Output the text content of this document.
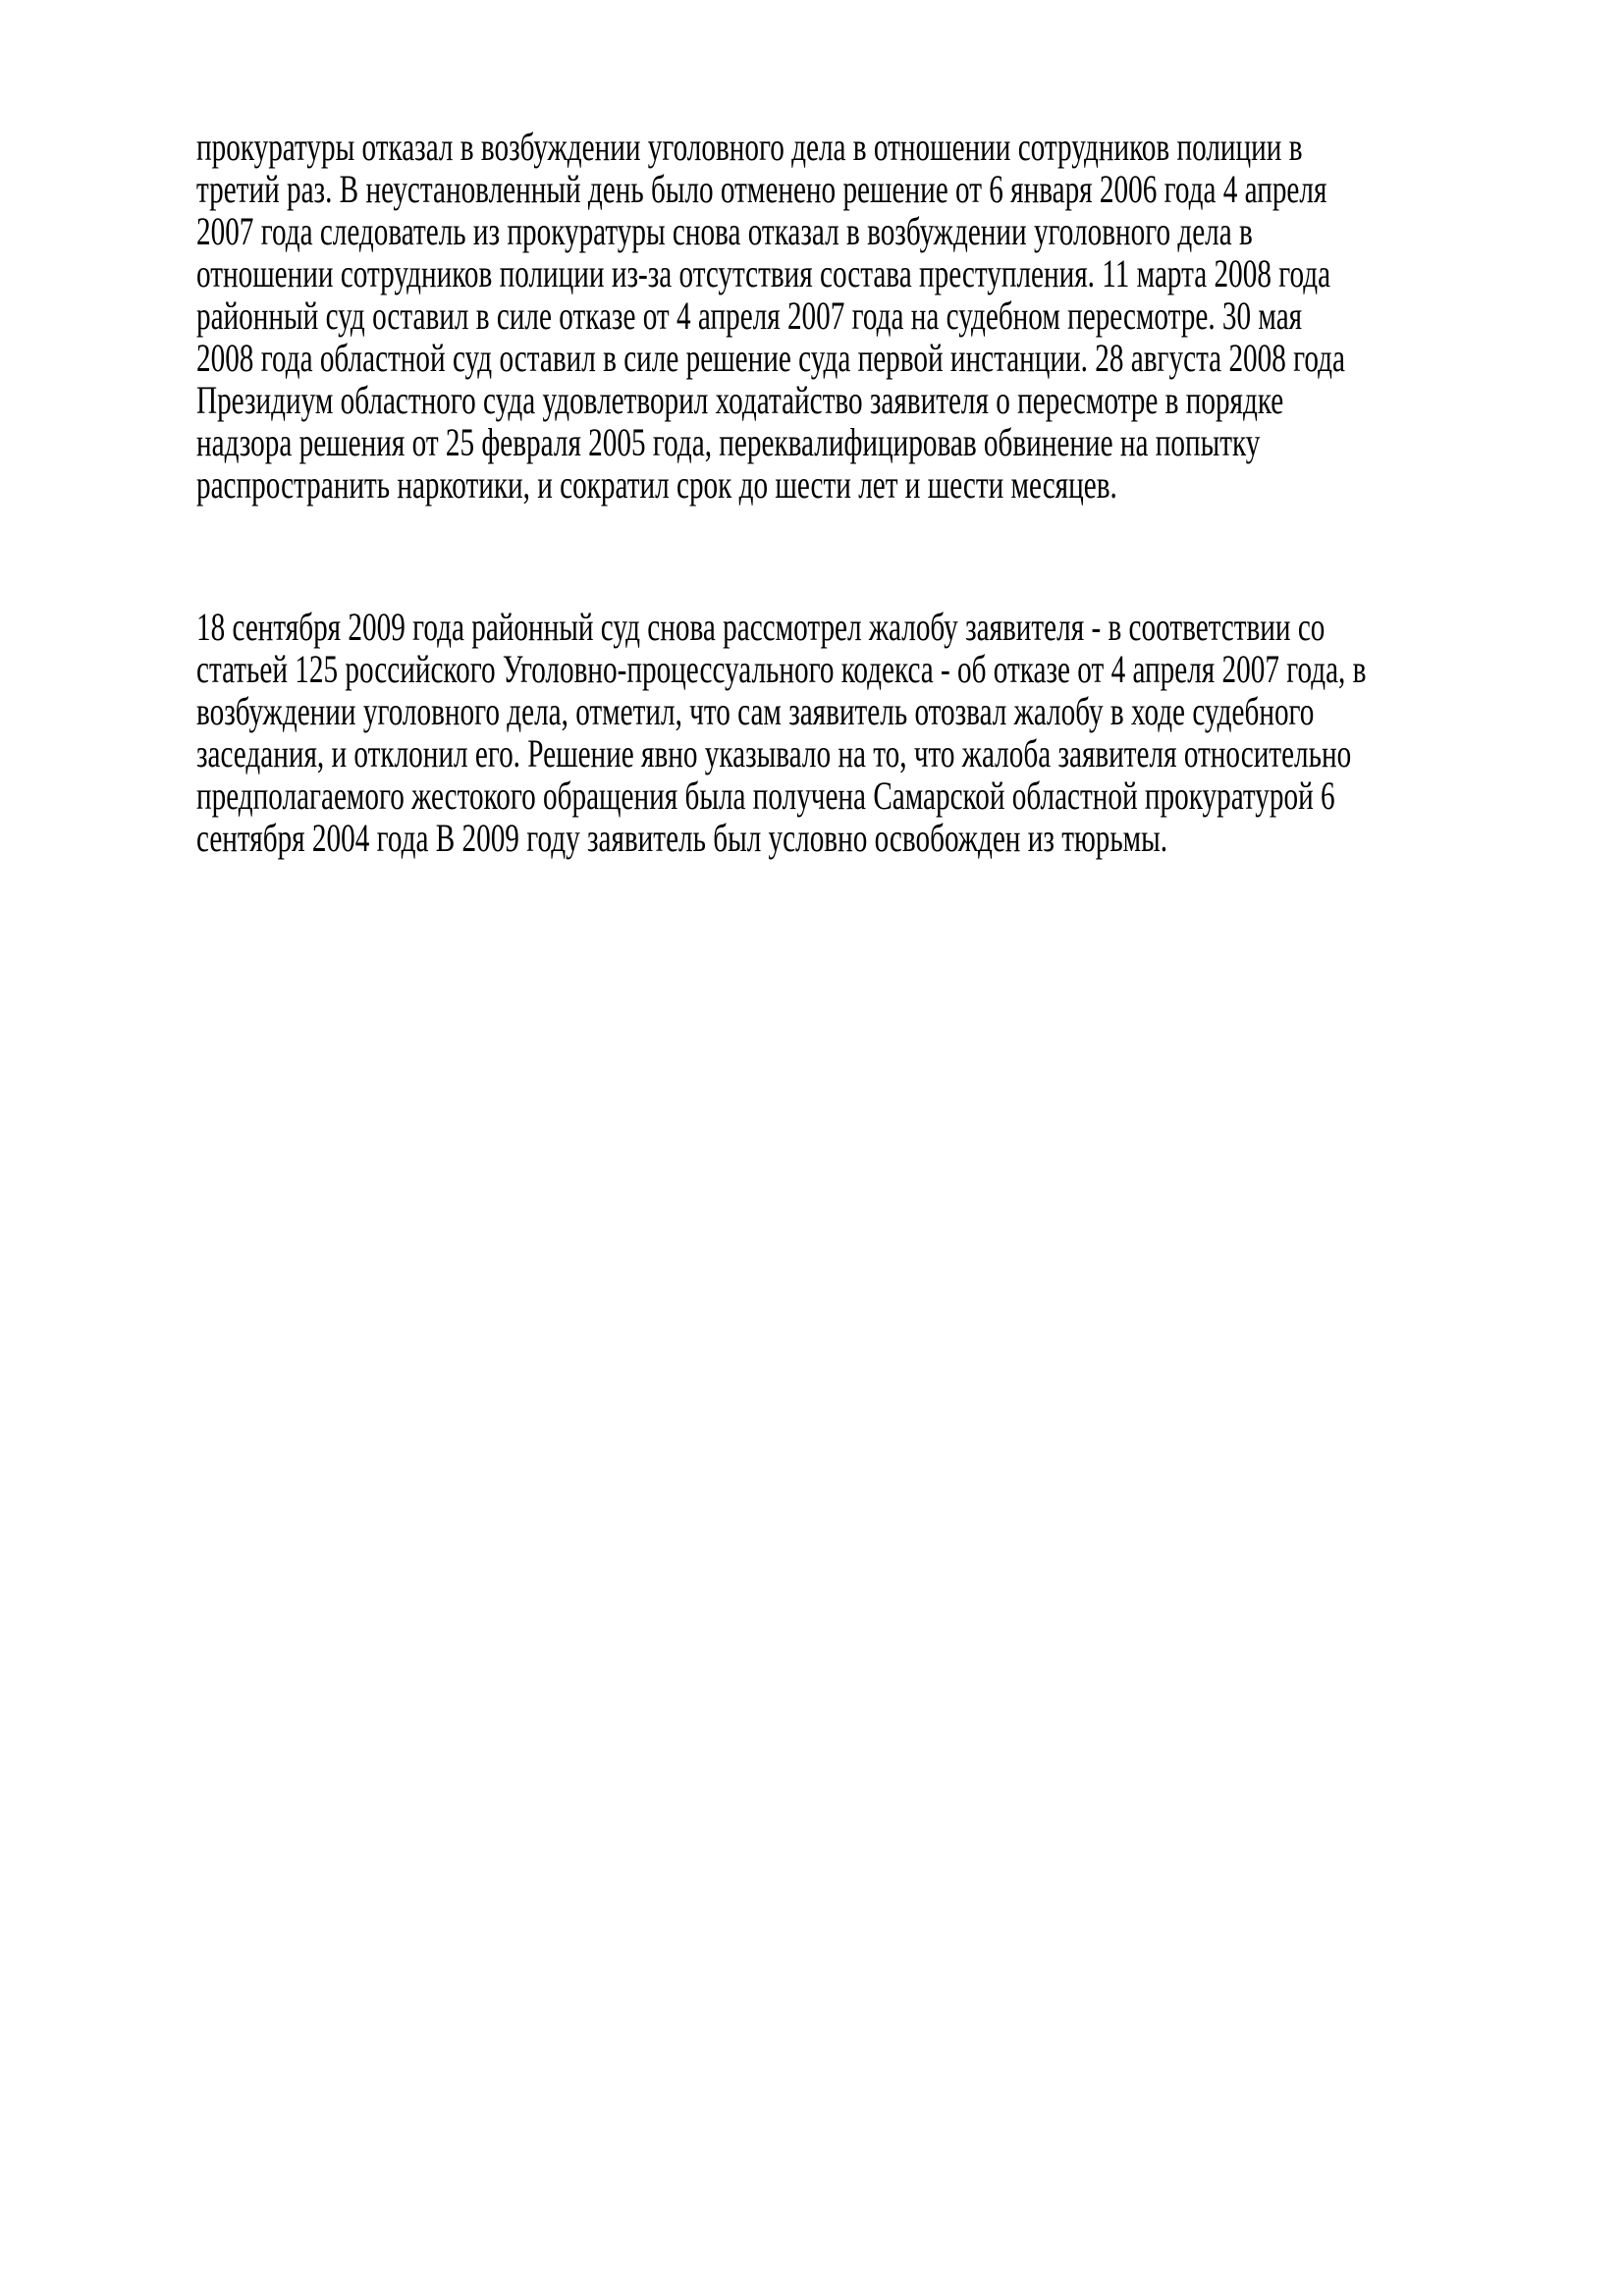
прокуратуры отказал в возбуждении уголовного дела в отношении сотрудников полиции в
третий раз. В неустановленный день было отменено решение от 6 января 2006 года 4 апреля
2007 года следователь из прокуратуры снова отказал в возбуждении уголовного дела в
отношении сотрудников полиции из-за отсутствия состава преступления. 11 марта 2008 года
районный суд оставил в силе отказе от 4 апреля 2007 года на судебном пересмотре. 30 мая
2008 года областной суд оставил в силе решение суда первой инстанции. 28 августа 2008 года
Президиум областного суда удовлетворил ходатайство заявителя о пересмотре в порядке
надзора решения от 25 февраля 2005 года, переквалифицировав обвинение на попытку
распространить наркотики, и сократил срок до шести лет и шести месяцев.
18 сентября 2009 года районный суд снова рассмотрел жалобу заявителя - в соответствии со
статьей 125 российского Уголовно-процессуального кодекса - об отказе от 4 апреля 2007 года, в
возбуждении уголовного дела, отметил, что сам заявитель отозвал жалобу в ходе судебного
заседания, и отклонил его. Решение явно указывало на то, что жалоба заявителя относительно
предполагаемого жестокого обращения была получена Самарской областной прокуратурой 6
сентября 2004 года В 2009 году заявитель был условно освобожден из тюрьмы.
